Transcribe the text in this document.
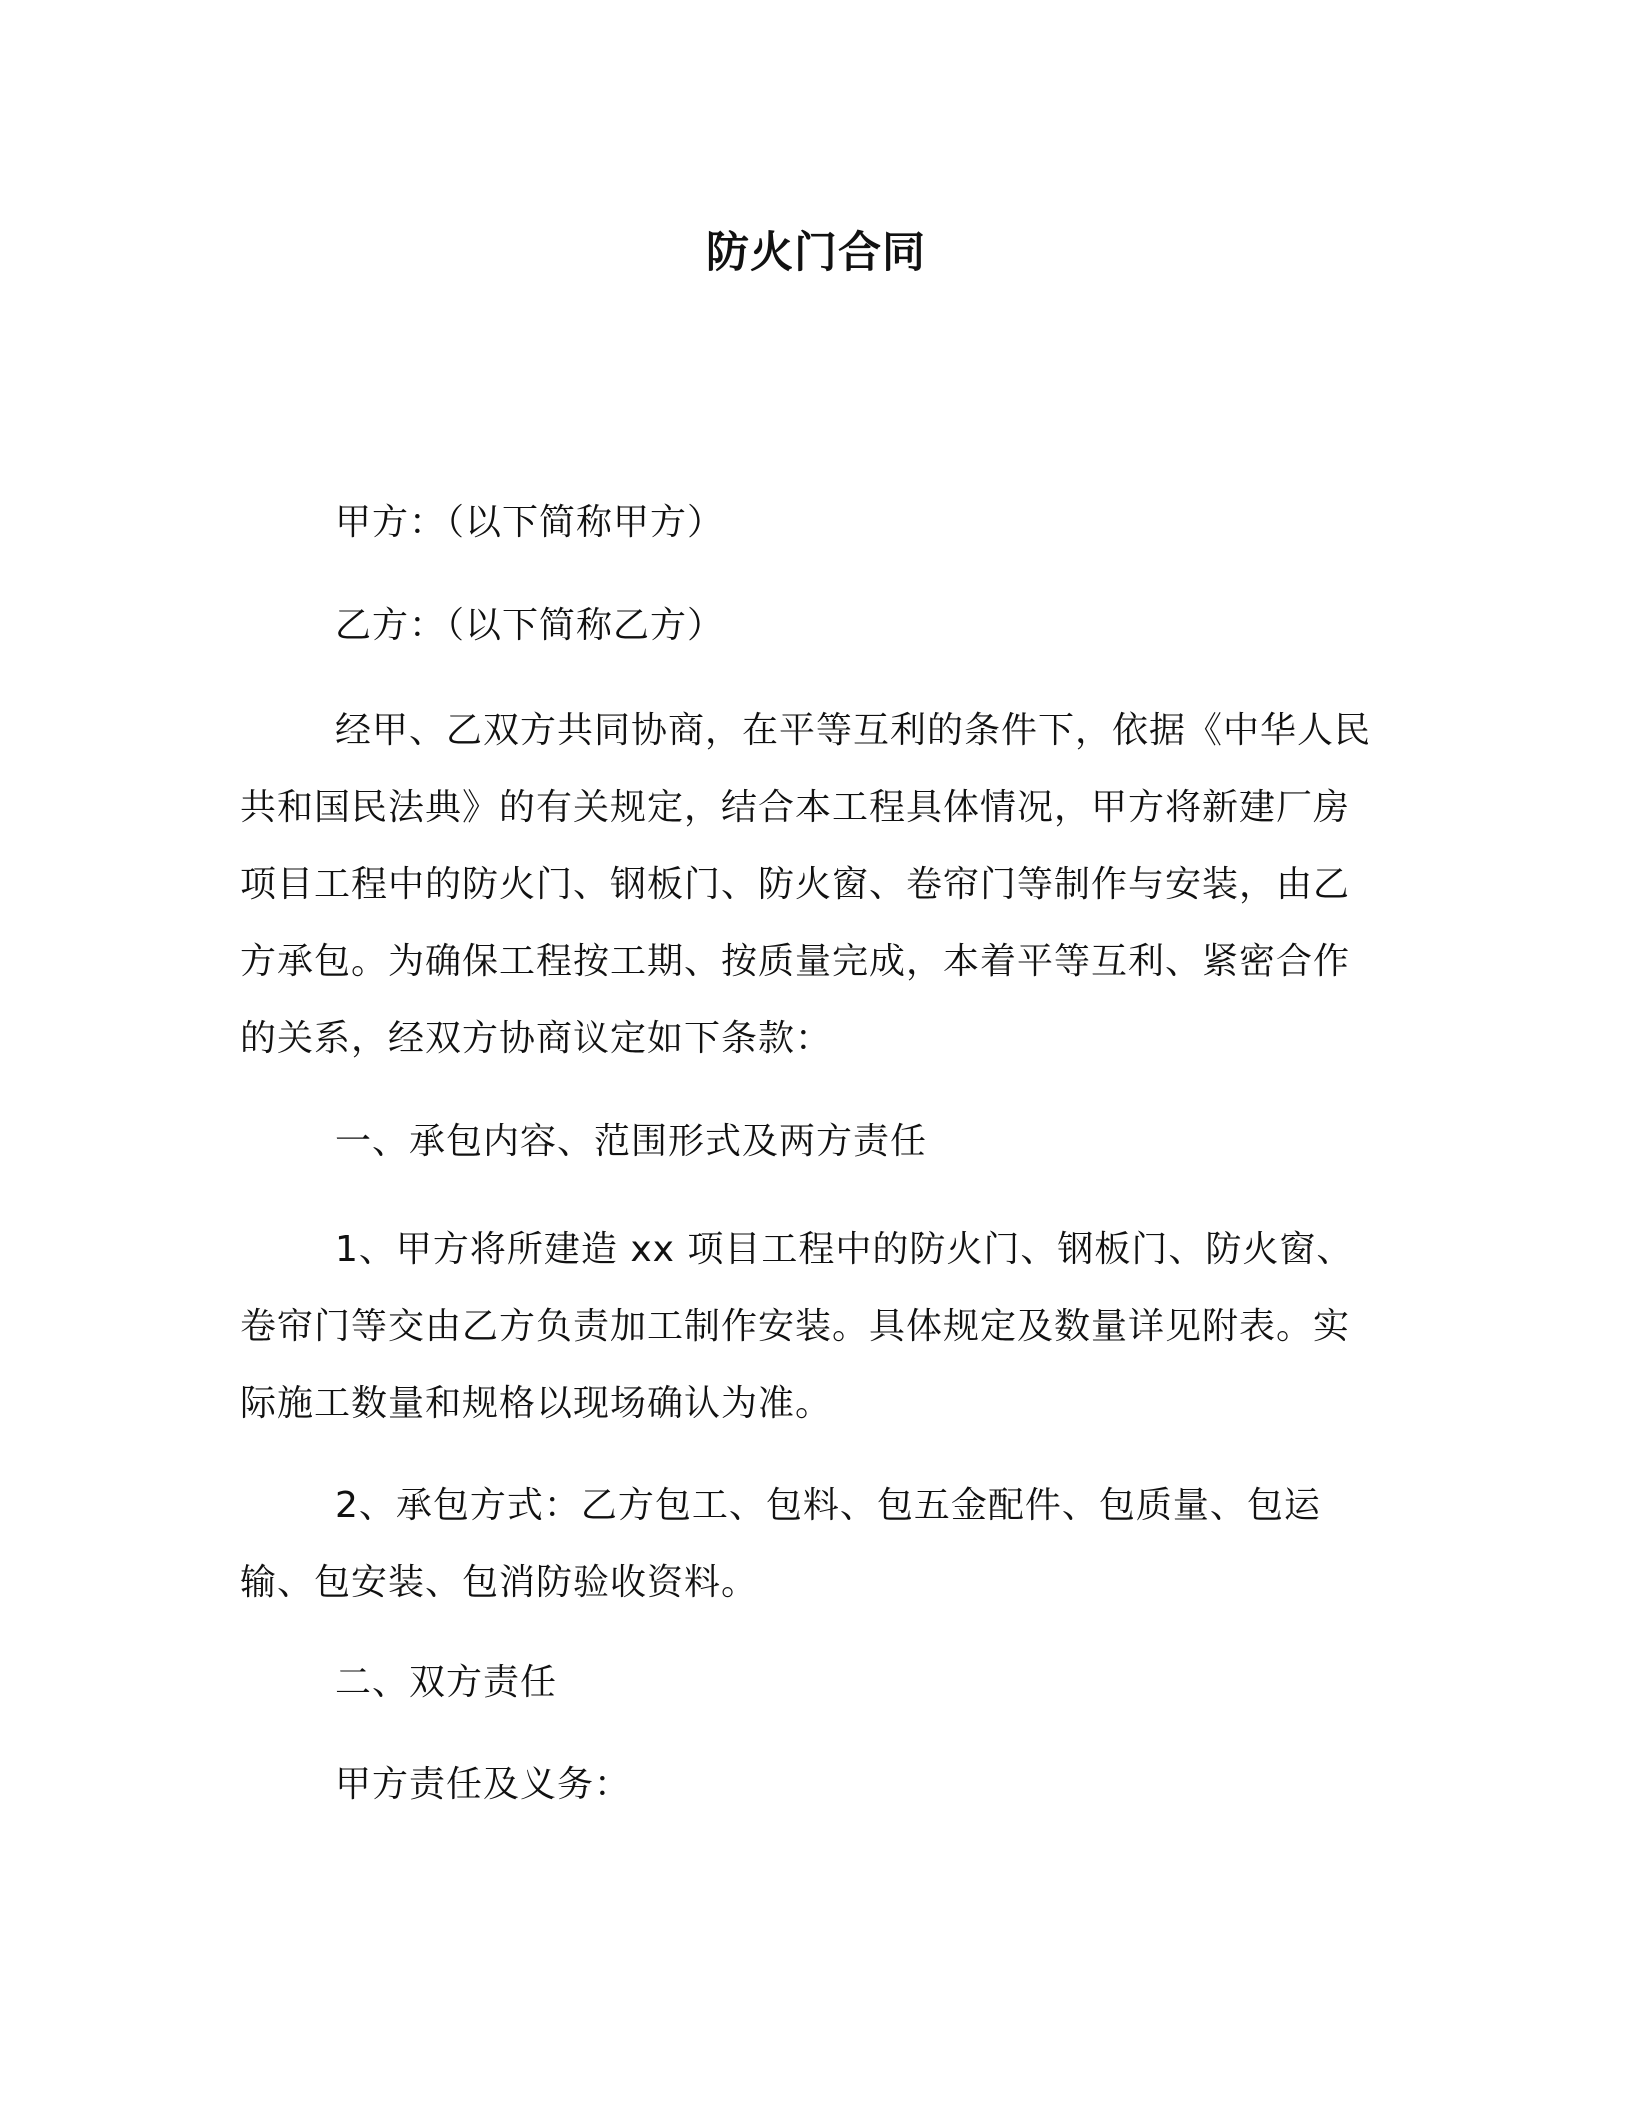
防火门合同
甲方：（以下简称甲方）
乙方：（以下简称乙方）
经甲、乙双方共同协商，在平等互利的条件下，依据《中华人民共和国民法典》的有关规定，结合本工程具体情况，甲方将新建厂房项目工程中的防火门、钢板门、防火窗、卷帘门等制作与安装，由乙方承包。为确保工程按工期、按质量完成，本着平等互利、紧密合作的关系，经双方协商议定如下条款：
一、承包内容、范围形式及两方责任
1、甲方将所建造 xx 项目工程中的防火门、钢板门、防火窗、卷帘门等交由乙方负责加工制作安装。具体规定及数量详见附表。实际施工数量和规格以现场确认为准。
2、承包方式：乙方包工、包料、包五金配件、包质量、包运输、包安装、包消防验收资料。
二、双方责任
甲方责任及义务：
